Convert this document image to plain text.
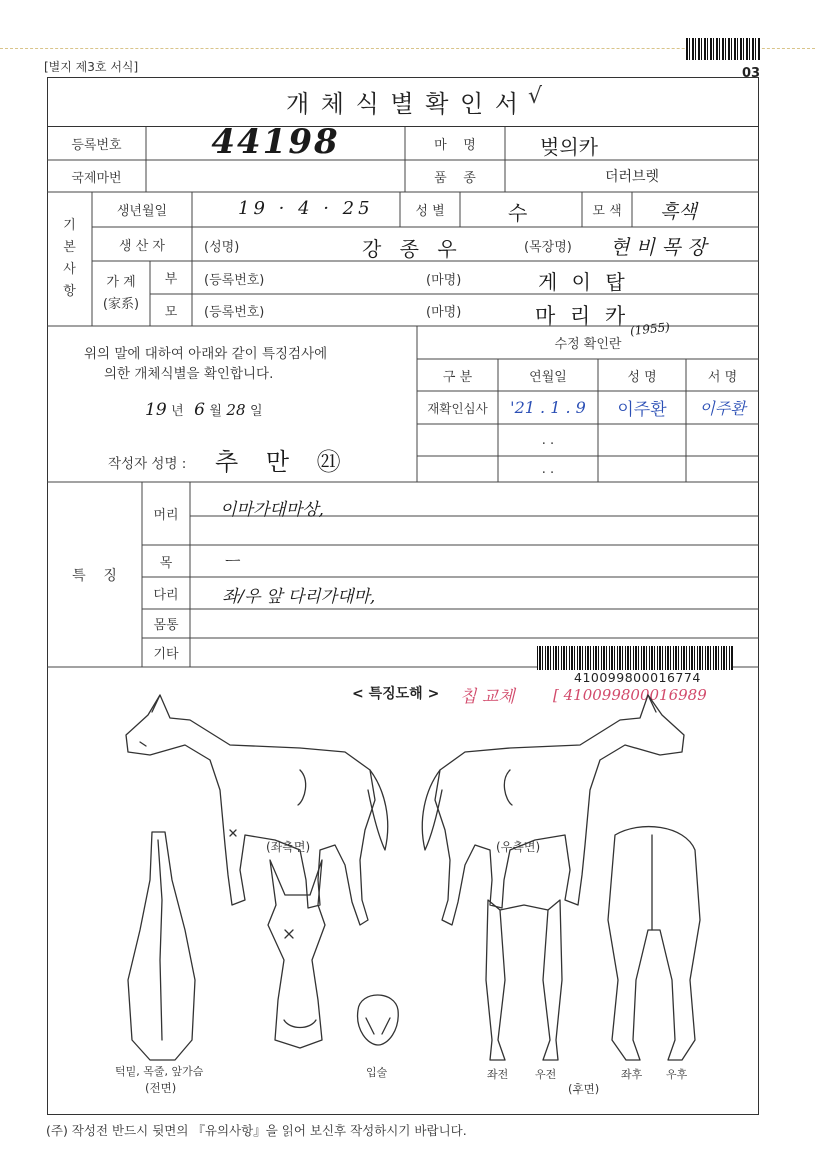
[별지 제3호 서식]	03
개 체 식 별 확 인 서
등록번호	44198	마    명	벚의카
√
국제마번	품    종	더러브렛
기
본
사
항
생년월일	19 · 4 · 25	성 별	수	모 색	흑색
생 산 자	(성명)	강 종 우	(목장명) 현 비 목 장
가 계
(家系)
부	(등록번호)	(마명)	게 이 탑
모	(등록번호)	(마명)	마 리 카
(1955)
위의 말에 대하여 아래와 같이 특징검사에
의한 개체식별을 확인합니다.
19 년 6 월 28 일
작성자 성명 : 추 만 ㉑
수정 확인란
구 분	연월일	성 명	서 명
재확인심사	'21 . 1 . 9	이주환	이주환
. .
. .
특    징
머리	이마가대마상,
목	ㅡ
다리	좌/우 앞 다리가대마,
몸통
기타
410099800016774
[ 410099800016989
칩 교체
< 특징도해 >
(좌측면)	(우측면)
턱밑, 목줄, 앞가슴
(전면)
입술	좌전 우전	좌후 우후
(후면)
(주) 작성전 반드시 뒷면의 『유의사항』을 읽어 보신후 작성하시기 바랍니다.
